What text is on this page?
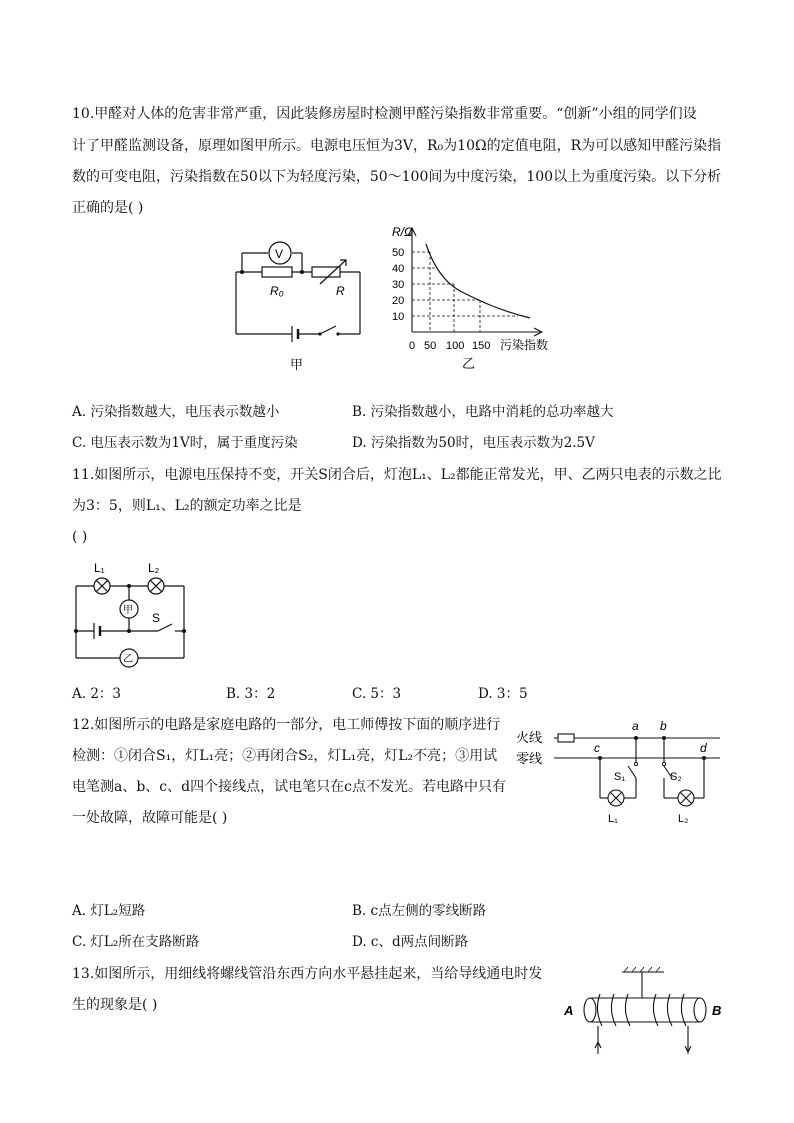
10.甲醛对人体的危害非常严重，因此装修房屋时检测甲醛污染指数非常重要。“创新”小组的同学们设
计了甲醛监测设备，原理如图甲所示。电源电压恒为3V，R₀为10Ω的定值电阻，R为可以感知甲醛污染指
数的可变电阻，污染指数在50以下为轻度污染，50～100间为中度污染，100以上为重度污染。以下分析
正确的是( )
V
R₀	R
甲
R/Ω
50
40
30
20
10
0 50 100 150 污染指数
乙
A. 污染指数越大，电压表示数越小	B. 污染指数越小，电路中消耗的总功率越大
C. 电压表示数为1V时，属于重度污染	D. 污染指数为50时，电压表示数为2.5V
11.如图所示，电源电压保持不变，开关S闭合后，灯泡L₁、L₂都能正常发光，甲、乙两只电表的示数之比
为3：5，则L₁、L₂的额定功率之比是
( )
L₁	L₂
甲
乙
S
A. 2：3	B. 3：2	C. 5：3	D. 3：5
12.如图所示的电路是家庭电路的一部分，电工师傅按下面的顺序进行
检测：①闭合S₁，灯L₁亮；②再闭合S₂，灯L₁亮，灯L₂不亮；③用试
电笔测a、b、c、d四个接线点，试电笔只在c点不发光。若电路中只有
一处故障，故障可能是( )
火线
零线
a b
c	d
S₁	S₂
L₁	L₂
A. 灯L₂短路	B. c点左侧的零线断路
C. 灯L₂所在支路断路	D. c、d两点间断路
13.如图所示，用细线将螺线管沿东西方向水平悬挂起来，当给导线通电时发
生的现象是( )	A	B
